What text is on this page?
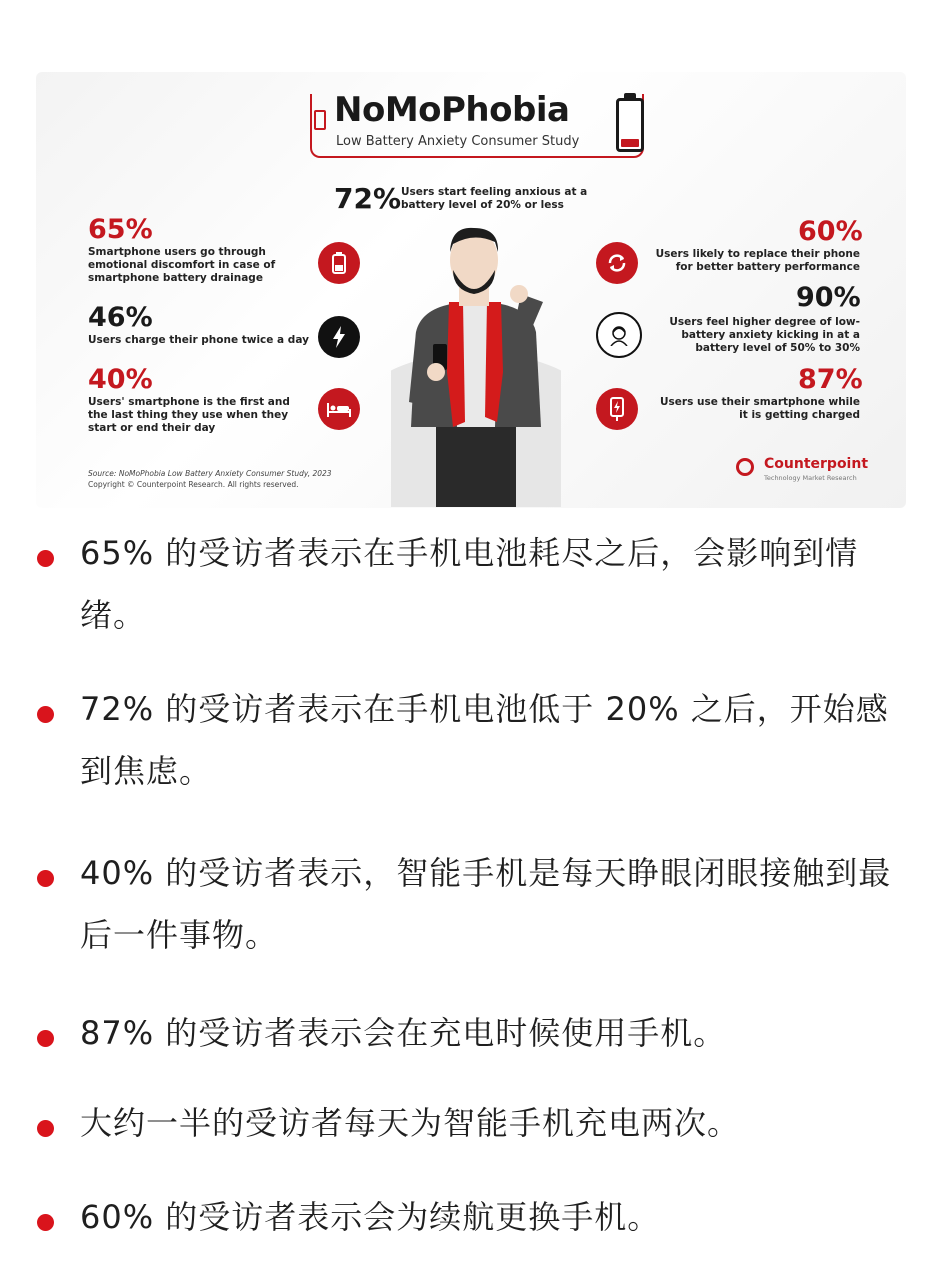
NoMoPhobia
Low Battery Anxiety Consumer Study
72% Users start feeling anxious at a battery level of 20% or less
65%
Smartphone users go through emotional discomfort in case of smartphone battery drainage
46%
Users charge their phone twice a day
40%
Users' smartphone is the first and the last thing they use when they start or end their day
60%
Users likely to replace their phone for better battery performance
90%
Users feel higher degree of low-battery anxiety kicking in at a battery level of 50% to 30%
87%
Users use their smartphone while it is getting charged
Source: NoMoPhobia Low Battery Anxiety Consumer Study, 2023
Copyright © Counterpoint Research. All rights reserved.
Counterpoint
Technology Market Research
65% 的受访者表示在手机电池耗尽之后，会影响到情绪。
72% 的受访者表示在手机电池低于 20% 之后，开始感到焦虑。
40% 的受访者表示，智能手机是每天睁眼闭眼接触到最后一件事物。
87% 的受访者表示会在充电时候使用手机。
大约一半的受访者每天为智能手机充电两次。
60% 的受访者表示会为续航更换手机。
